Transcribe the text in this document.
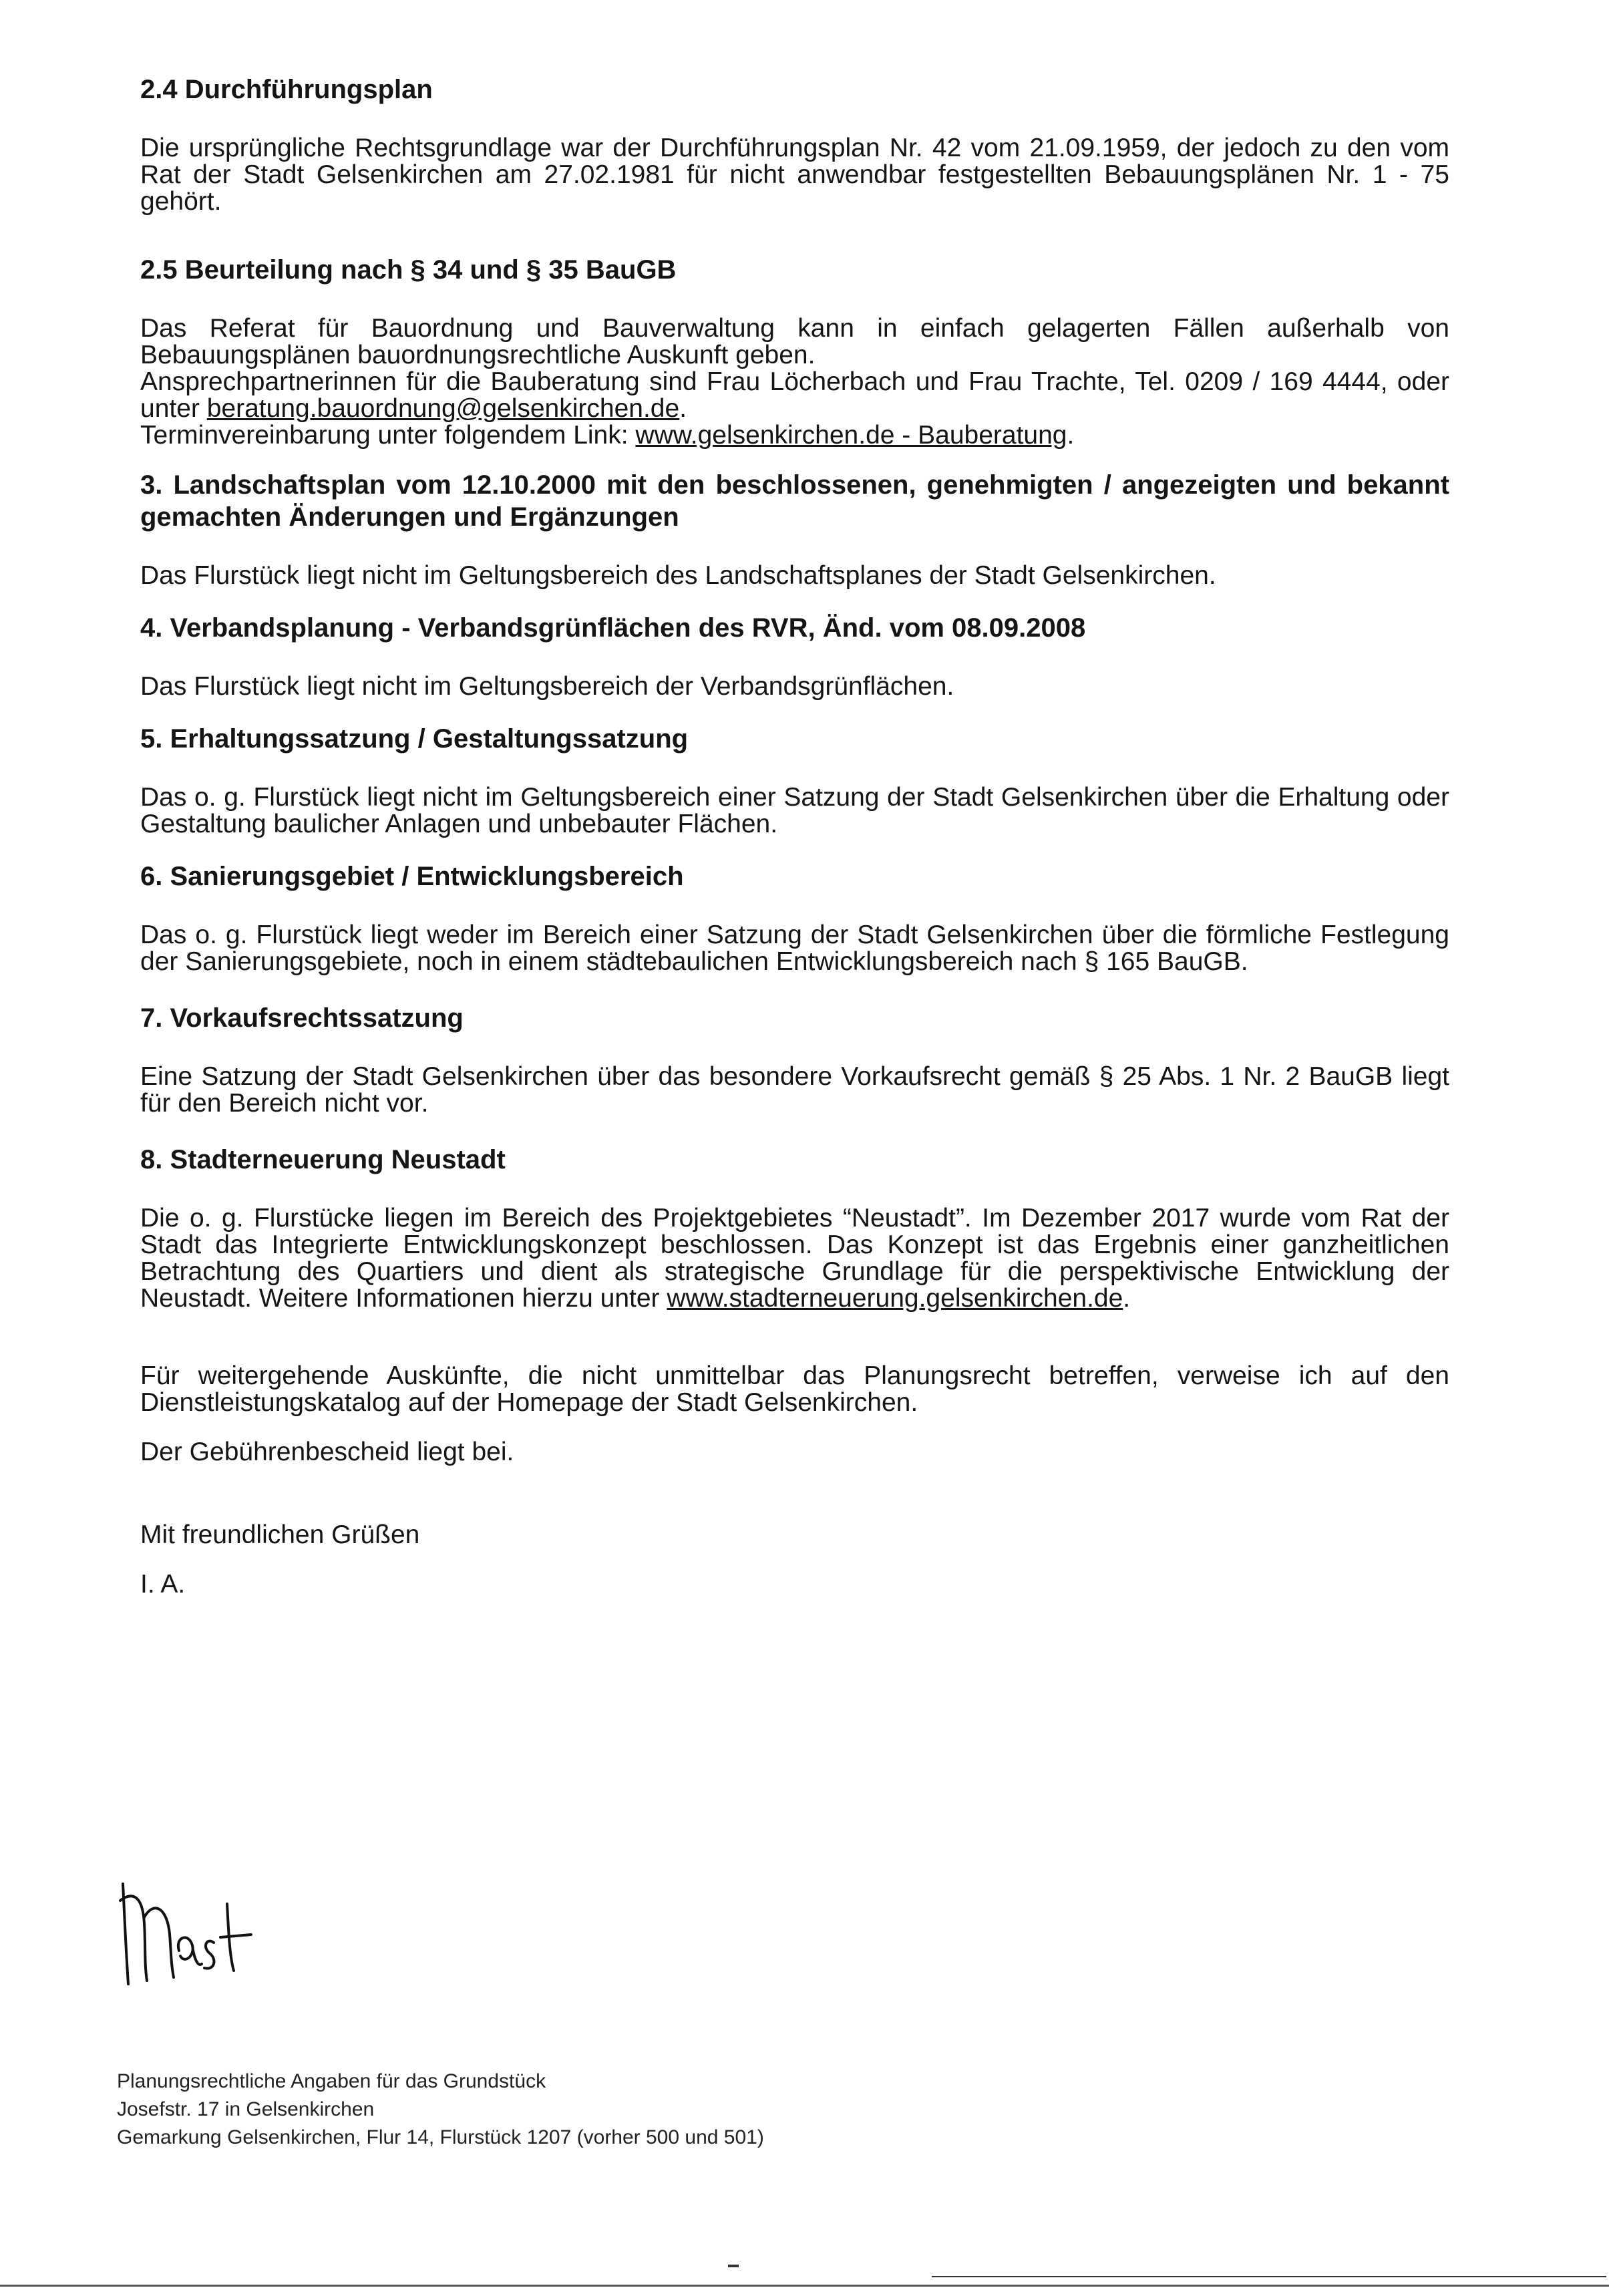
2.4 Durchführungsplan

Die ursprüngliche Rechtsgrundlage war der Durchführungsplan Nr. 42 vom 21.09.1959, der jedoch zu den vom Rat der Stadt Gelsenkirchen am 27.02.1981 für nicht anwendbar festgestellten Bebauungsplänen Nr. 1 - 75 gehört.

2.5 Beurteilung nach § 34 und § 35 BauGB

Das Referat für Bauordnung und Bauverwaltung kann in einfach gelagerten Fällen außerhalb von Bebauungsplänen bauordnungsrechtliche Auskunft geben.

Ansprechpartnerinnen für die Bauberatung sind Frau Löcherbach und Frau Trachte, Tel. 0209 / 169 4444, oder unter beratung.bauordnung@gelsenkirchen.de.

Terminvereinbarung unter folgendem Link: www.gelsenkirchen.de - Bauberatung.

3. Landschaftsplan vom 12.10.2000 mit den beschlossenen, genehmigten / angezeigten und bekannt gemachten Änderungen und Ergänzungen

Das Flurstück liegt nicht im Geltungsbereich des Landschaftsplanes der Stadt Gelsenkirchen.

4. Verbandsplanung - Verbandsgrünflächen des RVR, Änd. vom 08.09.2008

Das Flurstück liegt nicht im Geltungsbereich der Verbandsgrünflächen.

5. Erhaltungssatzung / Gestaltungssatzung

Das o. g. Flurstück liegt nicht im Geltungsbereich einer Satzung der Stadt Gelsenkirchen über die Erhaltung oder Gestaltung baulicher Anlagen und unbebauter Flächen.

6. Sanierungsgebiet / Entwicklungsbereich

Das o. g. Flurstück liegt weder im Bereich einer Satzung der Stadt Gelsenkirchen über die förmliche Festlegung der Sanierungsgebiete, noch in einem städtebaulichen Entwicklungsbereich nach § 165 BauGB.

7. Vorkaufsrechtssatzung

Eine Satzung der Stadt Gelsenkirchen über das besondere Vorkaufsrecht gemäß § 25 Abs. 1 Nr. 2 BauGB liegt für den Bereich nicht vor.

8. Stadterneuerung Neustadt

Die o. g. Flurstücke liegen im Bereich des Projektgebietes “Neustadt”. Im Dezember 2017 wurde vom Rat der Stadt das Integrierte Entwicklungskonzept beschlossen. Das Konzept ist das Ergebnis einer ganzheitlichen Betrachtung des Quartiers und dient als strategische Grundlage für die perspektivische Entwicklung der Neustadt. Weitere Informationen hierzu unter www.stadterneuerung.gelsenkirchen.de.

Für weitergehende Auskünfte, die nicht unmittelbar das Planungsrecht betreffen, verweise ich auf den Dienstleistungskatalog auf der Homepage der Stadt Gelsenkirchen.

Der Gebührenbescheid liegt bei.

Mit freundlichen Grüßen

I. A.

Planungsrechtliche Angaben für das Grundstück
Josefstr. 17 in Gelsenkirchen
Gemarkung Gelsenkirchen, Flur 14, Flurstück 1207 (vorher 500 und 501)
